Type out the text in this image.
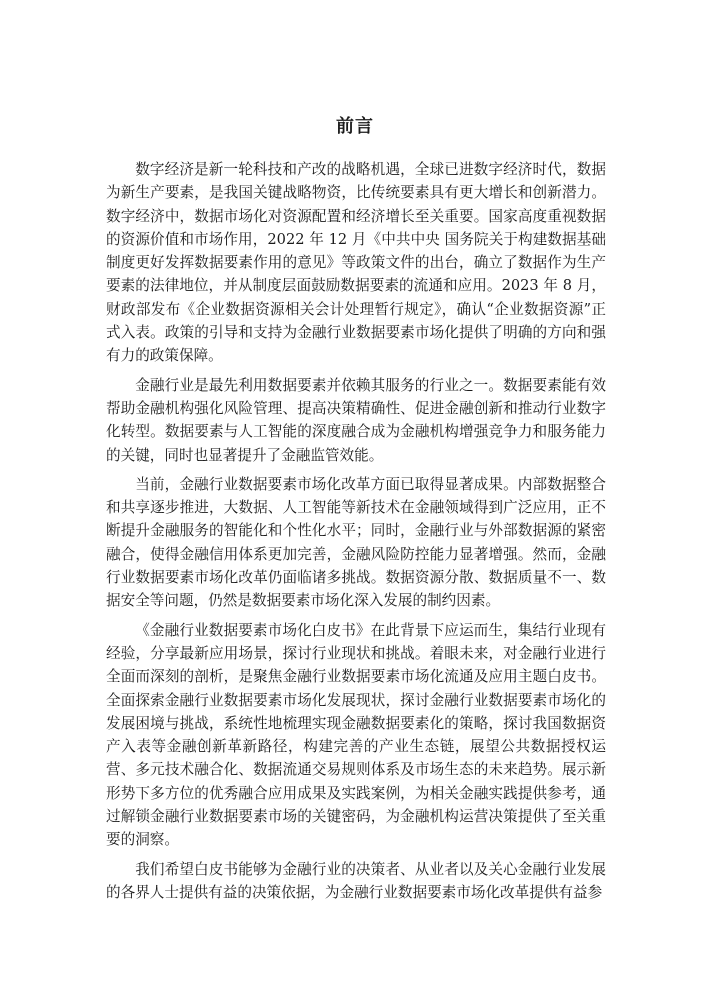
前言

数字经济是新一轮科技和产改的战略机遇，全球已进数字经济时代，数据为新生产要素，是我国关键战略物资，比传统要素具有更大增长和创新潜力。数字经济中，数据市场化对资源配置和经济增长至关重要。国家高度重视数据的资源价值和市场作用，2022 年 12 月《中共中央 国务院关于构建数据基础制度更好发挥数据要素作用的意见》等政策文件的出台，确立了数据作为生产要素的法律地位，并从制度层面鼓励数据要素的流通和应用。2023 年 8 月，财政部发布《企业数据资源相关会计处理暂行规定》，确认“企业数据资源”正式入表。政策的引导和支持为金融行业数据要素市场化提供了明确的方向和强有力的政策保障。

金融行业是最先利用数据要素并依赖其服务的行业之一。数据要素能有效帮助金融机构强化风险管理、提高决策精确性、促进金融创新和推动行业数字化转型。数据要素与人工智能的深度融合成为金融机构增强竞争力和服务能力的关键，同时也显著提升了金融监管效能。

当前，金融行业数据要素市场化改革方面已取得显著成果。内部数据整合和共享逐步推进，大数据、人工智能等新技术在金融领域得到广泛应用，正不断提升金融服务的智能化和个性化水平；同时，金融行业与外部数据源的紧密融合，使得金融信用体系更加完善，金融风险防控能力显著增强。然而，金融行业数据要素市场化改革仍面临诸多挑战。数据资源分散、数据质量不一、数据安全等问题，仍然是数据要素市场化深入发展的制约因素。

《金融行业数据要素市场化白皮书》在此背景下应运而生，集结行业现有经验，分享最新应用场景，探讨行业现状和挑战。着眼未来，对金融行业进行全面而深刻的剖析，是聚焦金融行业数据要素市场化流通及应用主题白皮书。全面探索金融行业数据要素市场化发展现状，探讨金融行业数据要素市场化的发展困境与挑战，系统性地梳理实现金融数据要素化的策略，探讨我国数据资产入表等金融创新革新路径，构建完善的产业生态链，展望公共数据授权运营、多元技术融合化、数据流通交易规则体系及市场生态的未来趋势。展示新形势下多方位的优秀融合应用成果及实践案例，为相关金融实践提供参考，通过解锁金融行业数据要素市场的关键密码，为金融机构运营决策提供了至关重要的洞察。

我们希望白皮书能够为金融行业的决策者、从业者以及关心金融行业发展的各界人士提供有益的决策依据，为金融行业数据要素市场化改革提供有益参
